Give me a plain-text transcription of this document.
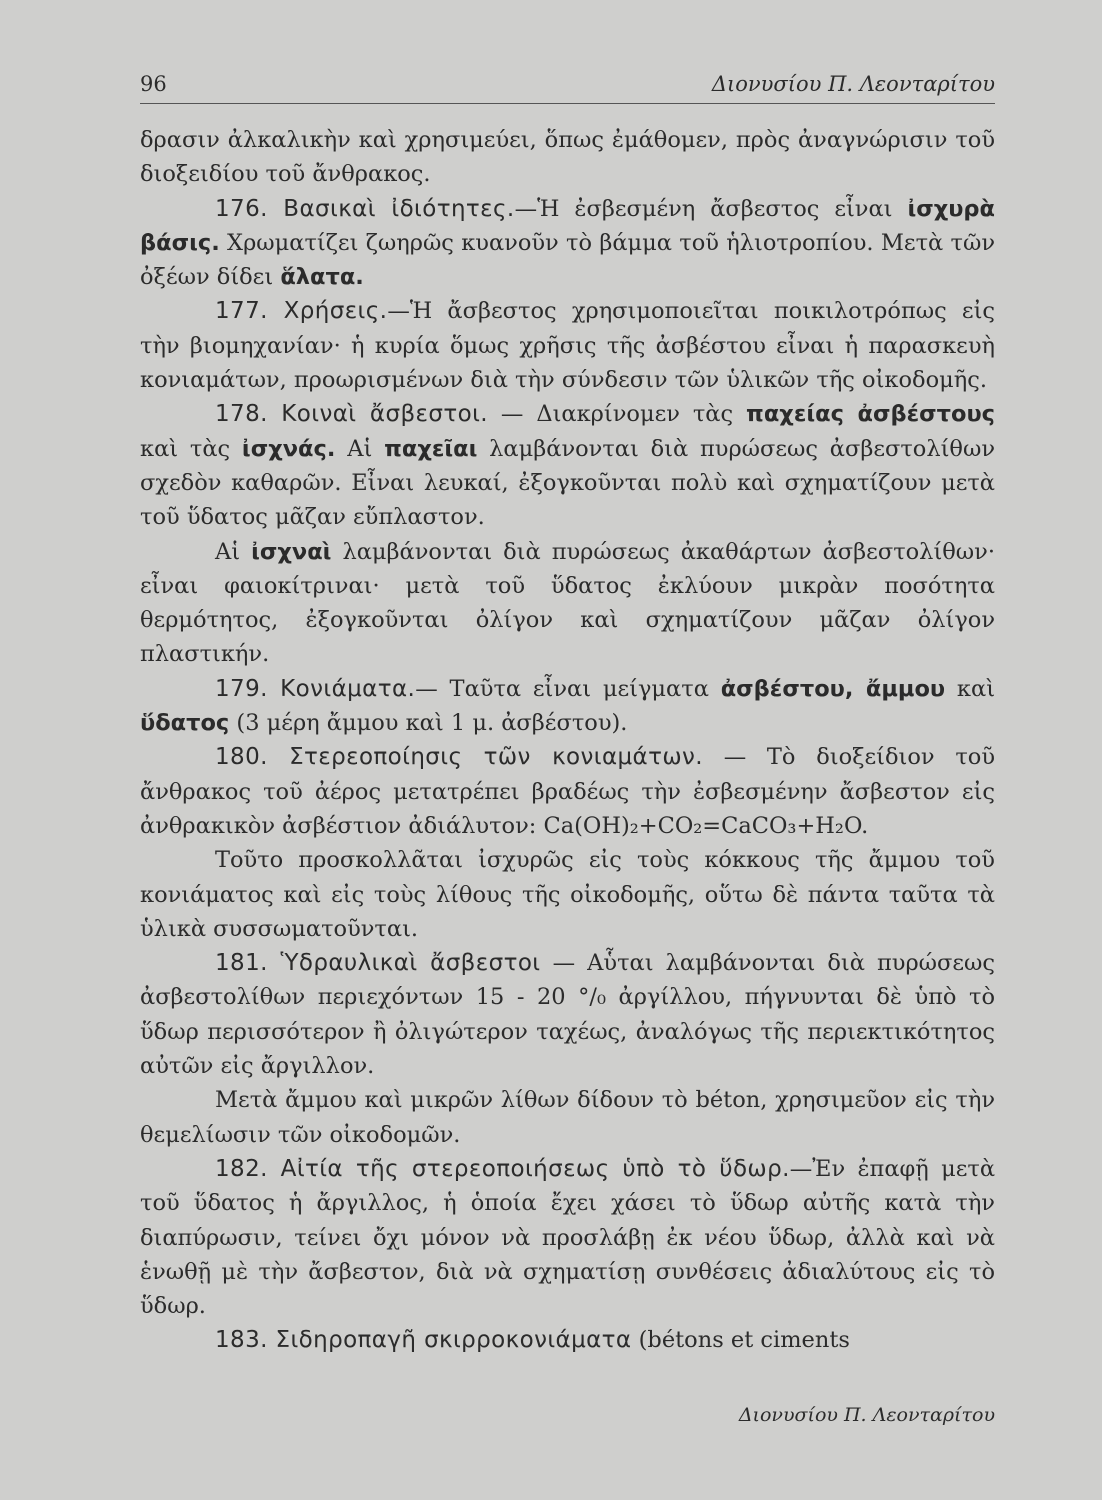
96	Διονυσίου Π. Λεονταρίτου

δρασιν ἀλκαλικὴν καὶ χρησιμεύει, ὅπως ἐμάθομεν, πρὸς ἀναγνώρισιν τοῦ διοξειδίου τοῦ ἄνθρακος.

176. Βασικαὶ ἰδιότητες.—Ἡ ἐσβεσμένη ἄσβεστος εἶναι ἰσχυρὰ βάσις. Χρωματίζει ζωηρῶς κυανοῦν τὸ βάμμα τοῦ ἡλιοτροπίου. Μετὰ τῶν ὀξέων δίδει ἅλατα.

177. Χρήσεις.—Ἡ ἄσβεστος χρησιμοποιεῖται ποικιλοτρόπως εἰς τὴν βιομηχανίαν· ἡ κυρία ὅμως χρῆσις τῆς ἀσβέστου εἶναι ἡ παρασκευὴ κονιαμάτων, προωρισμένων διὰ τὴν σύνδεσιν τῶν ὑλικῶν τῆς οἰκοδομῆς.

178. Κοιναὶ ἄσβεστοι. — Διακρίνομεν τὰς παχείας ἀσβέστους καὶ τὰς ἰσχνάς. Αἱ παχεῖαι λαμβάνονται διὰ πυρώσεως ἀσβεστολίθων σχεδὸν καθαρῶν. Εἶναι λευκαί, ἐξογκοῦνται πολὺ καὶ σχηματίζουν μετὰ τοῦ ὕδατος μᾶζαν εὔπλαστον.

Αἱ ἰσχναὶ λαμβάνονται διὰ πυρώσεως ἀκαθάρτων ἀσβεστολίθων· εἶναι φαιοκίτριναι· μετὰ τοῦ ὕδατος ἐκλύουν μικρὰν ποσότητα θερμότητος, ἐξογκοῦνται ὀλίγον καὶ σχηματίζουν μᾶζαν ὀλίγον πλαστικήν.

179. Κονιάματα.— Ταῦτα εἶναι μείγματα ἀσβέστου, ἄμμου καὶ ὕδατος (3 μέρη ἄμμου καὶ 1 μ. ἀσβέστου).

180. Στερεοποίησις τῶν κονιαμάτων. — Τὸ διοξείδιον τοῦ ἄνθρακος τοῦ ἀέρος μετατρέπει βραδέως τὴν ἐσβεσμένην ἄσβεστον εἰς ἀνθρακικὸν ἀσβέστιον ἀδιάλυτον: Ca(OH)₂+CO₂=CaCO₃+H₂O.

Τοῦτο προσκολλᾶται ἰσχυρῶς εἰς τοὺς κόκκους τῆς ἄμμου τοῦ κονιάματος καὶ εἰς τοὺς λίθους τῆς οἰκοδομῆς, οὕτω δὲ πάντα ταῦτα τὰ ὑλικὰ συσσωματοῦνται.

181. Ὑδραυλικαὶ ἄσβεστοι — Αὗται λαμβάνονται διὰ πυρώσεως ἀσβεστολίθων περιεχόντων 15 - 20 °/₀ ἀργίλλου, πήγνυνται δὲ ὑπὸ τὸ ὕδωρ περισσότερον ἢ ὀλιγώτερον ταχέως, ἀναλόγως τῆς περιεκτικότητος αὐτῶν εἰς ἄργιλλον.

Μετὰ ἄμμου καὶ μικρῶν λίθων δίδουν τὸ béton, χρησιμεῦον εἰς τὴν θεμελίωσιν τῶν οἰκοδομῶν.

182. Αἰτία τῆς στερεοποιήσεως ὑπὸ τὸ ὕδωρ.—Ἐν ἐπαφῇ μετὰ τοῦ ὕδατος ἡ ἄργιλλος, ἡ ὁποία ἔχει χάσει τὸ ὕδωρ αὐτῆς κατὰ τὴν διαπύρωσιν, τείνει ὄχι μόνον νὰ προσλάβῃ ἐκ νέου ὕδωρ, ἀλλὰ καὶ νὰ ἑνωθῇ μὲ τὴν ἄσβεστον, διὰ νὰ σχηματίσῃ συνθέσεις ἀδιαλύτους εἰς τὸ ὕδωρ.

183. Σιδηροπαγῆ σκιρροκονιάματα (bétons et ciments

Διονυσίου Π. Λεονταρίτου
